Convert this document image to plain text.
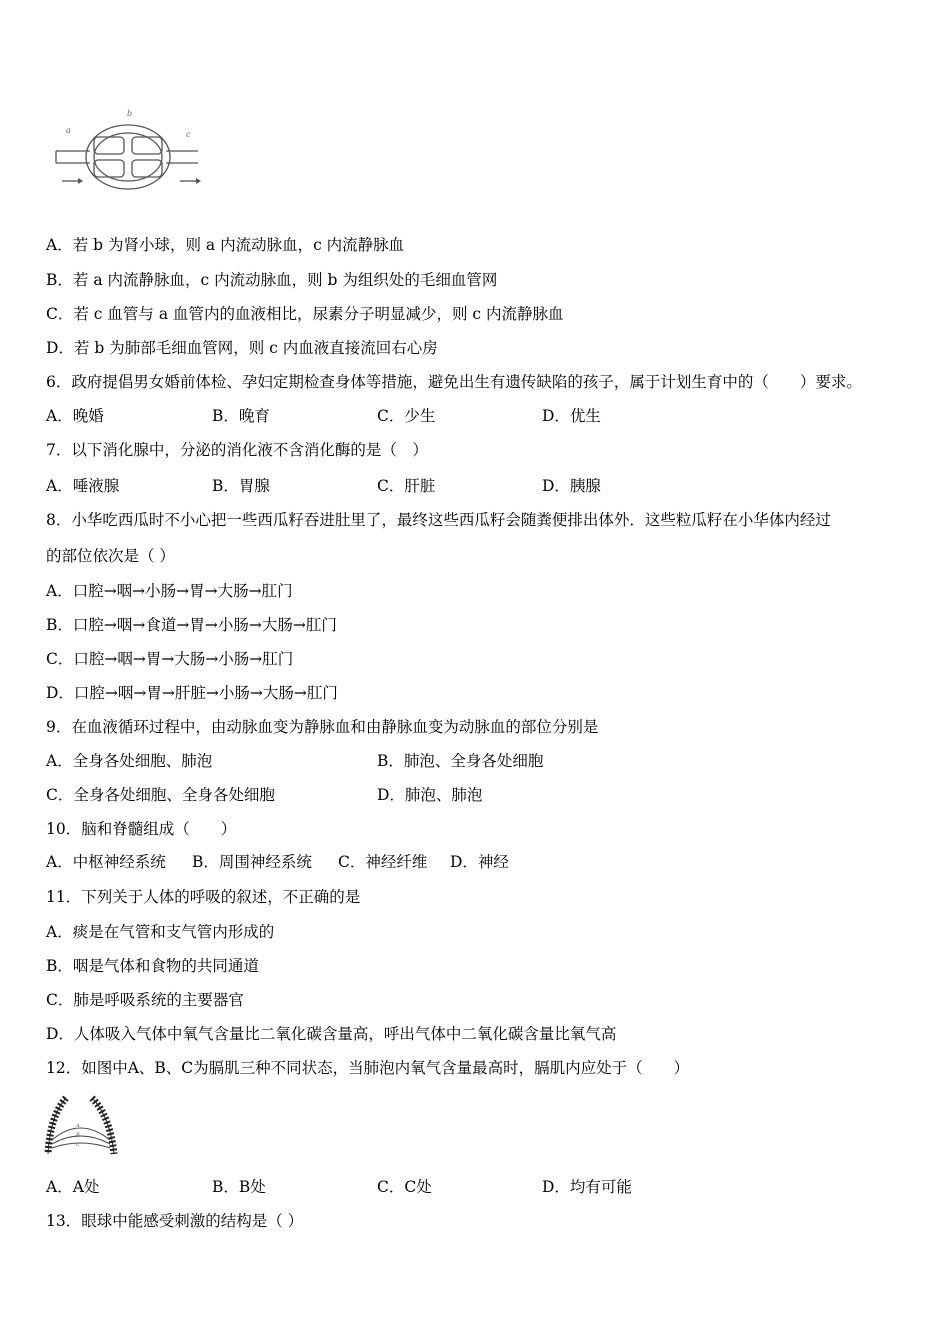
a
b
c
A．若 b 为肾小球，则 a 内流动脉血，c 内流静脉血
B．若 a 内流静脉血，c 内流动脉血，则 b 为组织处的毛细血管网
C．若 c 血管与 a 血管内的血液相比，尿素分子明显减少，则 c 内流静脉血
D．若 b 为肺部毛细血管网，则 c 内血液直接流回右心房
6．政府提倡男女婚前体检、孕妇定期检查身体等措施，避免出生有遗传缺陷的孩子，属于计划生育中的（　　）要求。
A．晚婚	B．晚育	C．少生	D．优生
7．以下消化腺中，分泌的消化液不含消化酶的是（　）
A．唾液腺	B．胃腺	C．肝脏	D．胰腺
8．小华吃西瓜时不小心把一些西瓜籽吞进肚里了，最终这些西瓜籽会随粪便排出体外．这些粒瓜籽在小华体内经过
的部位依次是（ ）
A．口腔→咽→小肠→胃→大肠→肛门
B．口腔→咽→食道→胃→小肠→大肠→肛门
C．口腔→咽→胃→大肠→小肠→肛门
D．口腔→咽→胃→肝脏→小肠→大肠→肛门
9．在血液循环过程中，由动脉血变为静脉血和由静脉血变为动脉血的部位分别是
A．全身各处细胞、肺泡	B．肺泡、全身各处细胞
C．全身各处细胞、全身各处细胞	D．肺泡、肺泡
10．脑和脊髓组成（　　）
A．中枢神经系统 B．周围神经系统 C．神经纤维 D．神经
11．下列关于人体的呼吸的叙述，不正确的是
A．痰是在气管和支气管内形成的
B．咽是气体和食物的共同通道
C．肺是呼吸系统的主要器官
D．人体吸入气体中氧气含量比二氧化碳含量高，呼出气体中二氧化碳含量比氧气高
12．如图中A、B、C为膈肌三种不同状态，当肺泡内氧气含量最高时，膈肌内应处于（　　）
A
B
C
A．A处	B．B处	C．C处	D．均有可能
13．眼球中能感受刺激的结构是（ ）
